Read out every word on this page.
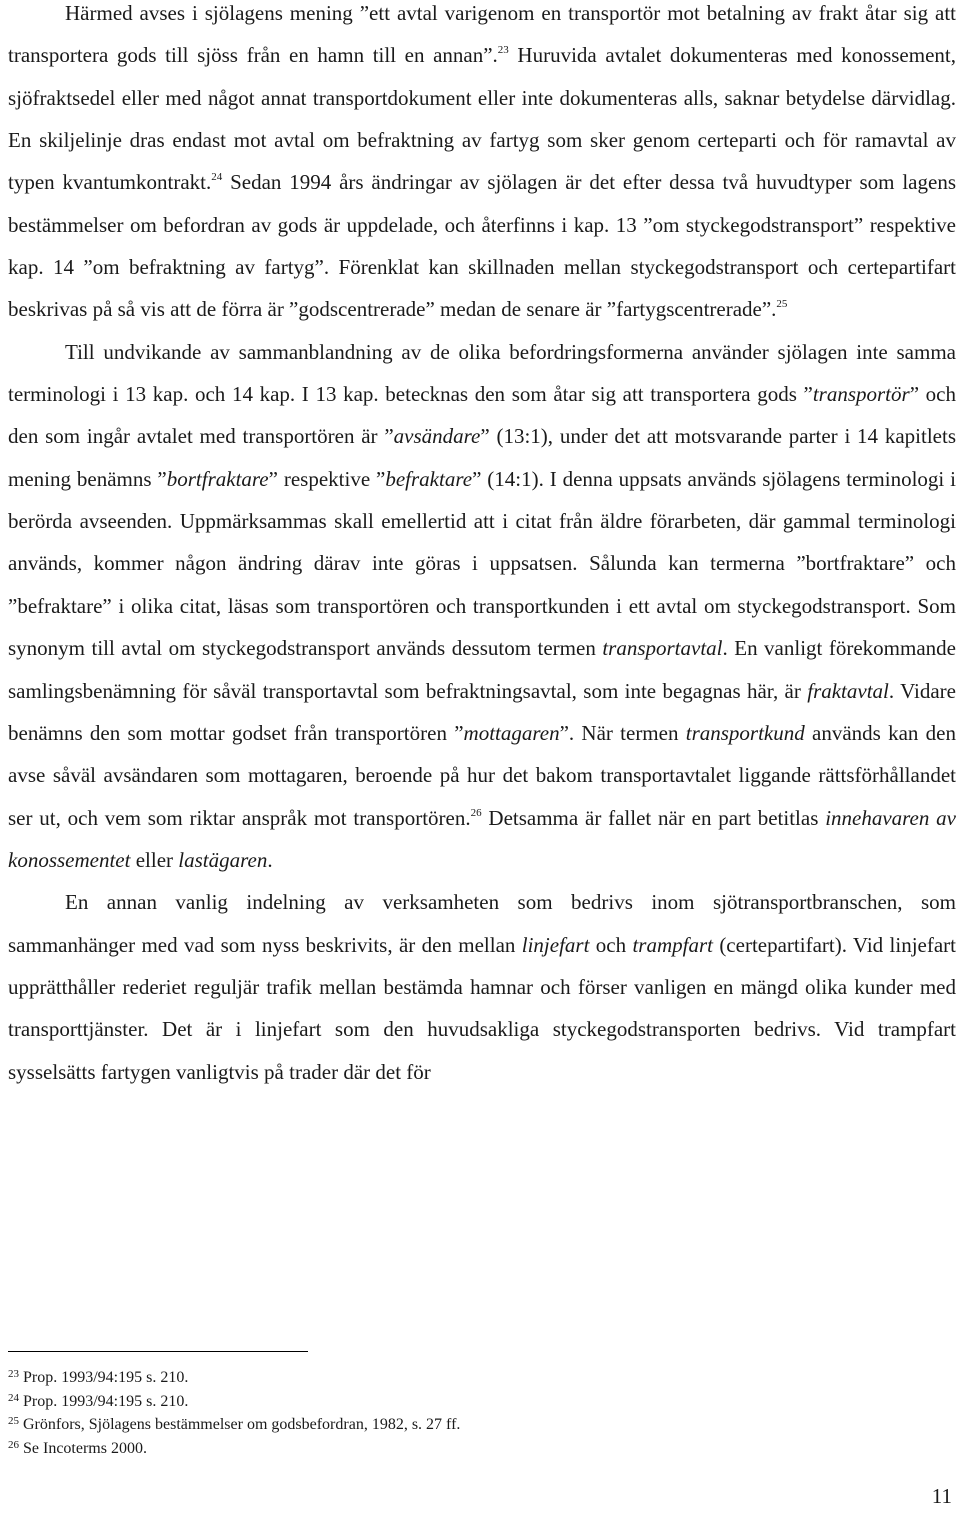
Härmed avses i sjölagens mening ”ett avtal varigenom en transportör mot betalning av frakt åtar sig att transportera gods till sjöss från en hamn till en annan”.$^{23}$ Huruvida avtalet dokumenteras med konossement, sjöfraktsedel eller med något annat transportdokument eller inte dokumenteras alls, saknar betydelse därvidlag. En skiljelinje dras endast mot avtal om befraktning av fartyg som sker genom certeparti och för ramavtal av typen kvantumkontrakt.$^{24}$ Sedan 1994 års ändringar av sjölagen är det efter dessa två huvudtyper som lagens bestämmelser om befordran av gods är uppdelade, och återfinns i kap. 13 ”om styckegodstransport” respektive kap. 14 ”om befraktning av fartyg”. Förenklat kan skillnaden mellan styckegodstransport och certepartifart beskrivas på så vis att de förra är ”godscentrerade” medan de senare är ”fartygscentrerade”.$^{25}$

Till undvikande av sammanblandning av de olika befordringsformerna använder sjölagen inte samma terminologi i 13 kap. och 14 kap. I 13 kap. betecknas den som åtar sig att transportera gods ”transportör” och den som ingår avtalet med transportören är ”avsändare” (13:1), under det att motsvarande parter i 14 kapitlets mening benämns ”bortfraktare” respektive ”befraktare” (14:1). I denna uppsats används sjölagens terminologi i berörda avseenden. Uppmärksammas skall emellertid att i citat från äldre förarbeten, där gammal terminologi används, kommer någon ändring därav inte göras i uppsatsen. Sålunda kan termerna ”bortfraktare” och ”befraktare” i olika citat, läsas som transportören och transportkunden i ett avtal om styckegodstransport. Som synonym till avtal om styckegodstransport används dessutom termen transportavtal. En vanligt förekommande samlingsbenämning för såväl transportavtal som befraktningsavtal, som inte begagnas här, är fraktavtal. Vidare benämns den som mottar godset från transportören ”mottagaren”. När termen transportkund används kan den avse såväl avsändaren som mottagaren, beroende på hur det bakom transportavtalet liggande rättsförhållandet ser ut, och vem som riktar anspråk mot transportören.$^{26}$ Detsamma är fallet när en part betitlas innehavaren av konossementet eller lastägaren.

En annan vanlig indelning av verksamheten som bedrivs inom sjötransportbranschen, som sammanhänger med vad som nyss beskrivits, är den mellan linjefart och trampfart (certepartifart). Vid linjefart upprätthåller rederiet reguljär trafik mellan bestämda hamnar och förser vanligen en mängd olika kunder med transporttjänster. Det är i linjefart som den huvudsakliga styckegodstransporten bedrivs. Vid trampfart sysselsätts fartygen vanligtvis på trader där det för

$^{23}$ Prop. 1993/94:195 s. 210.
$^{24}$ Prop. 1993/94:195 s. 210.
$^{25}$ Grönfors, Sjölagens bestämmelser om godsbefordran, 1982, s. 27 ff.
$^{26}$ Se Incoterms 2000.
11
